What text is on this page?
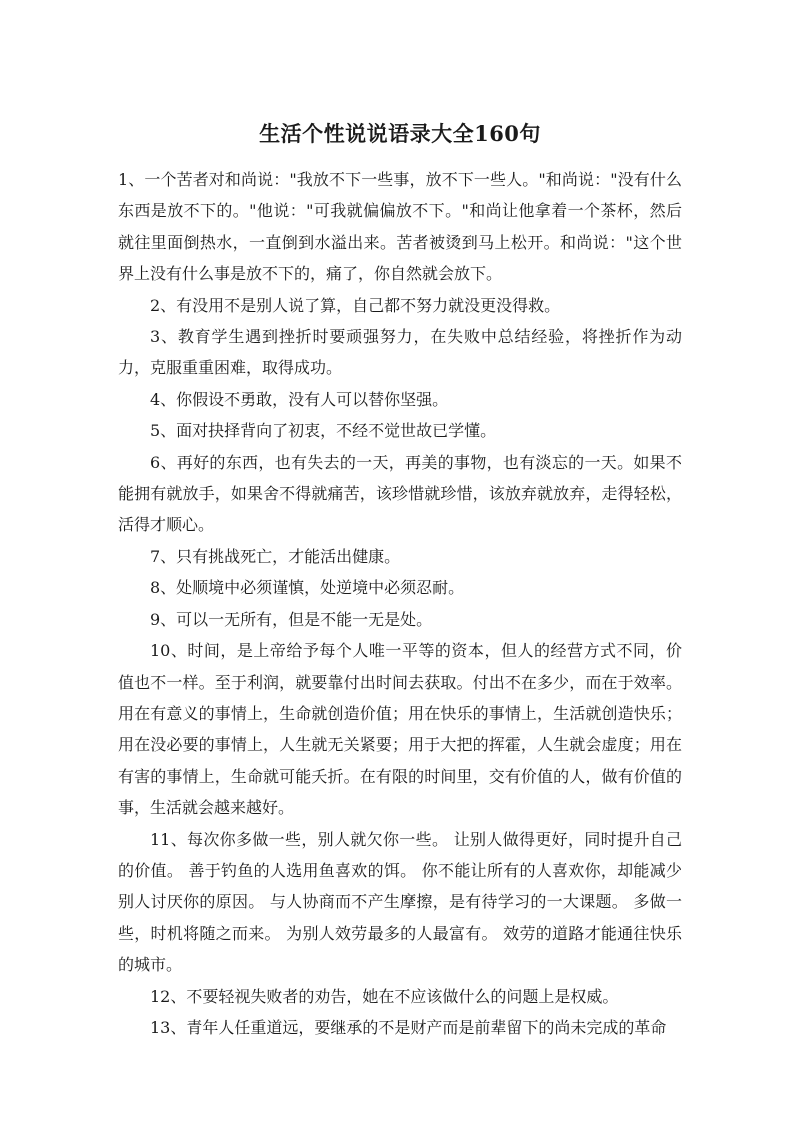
生活个性说说语录大全160句

1、一个苦者对和尚说："我放不下一些事，放不下一些人。"和尚说："没有什么东西是放不下的。"他说："可我就偏偏放不下。"和尚让他拿着一个茶杯，然后就往里面倒热水，一直倒到水溢出来。苦者被烫到马上松开。和尚说："这个世界上没有什么事是放不下的，痛了，你自然就会放下。

2、有没用不是别人说了算，自己都不努力就没更没得救。

3、教育学生遇到挫折时要顽强努力，在失败中总结经验，将挫折作为动力，克服重重困难，取得成功。

4、你假设不勇敢，没有人可以替你坚强。

5、面对抉择背向了初衷，不经不觉世故已学懂。

6、再好的东西，也有失去的一天，再美的事物，也有淡忘的一天。如果不能拥有就放手，如果舍不得就痛苦，该珍惜就珍惜，该放弃就放弃，走得轻松，活得才顺心。

7、只有挑战死亡，才能活出健康。

8、处顺境中必须谨慎，处逆境中必须忍耐。

9、可以一无所有，但是不能一无是处。

10、时间，是上帝给予每个人唯一平等的资本，但人的经营方式不同，价值也不一样。至于利润，就要靠付出时间去获取。付出不在多少，而在于效率。用在有意义的事情上，生命就创造价值；用在快乐的事情上，生活就创造快乐；用在没必要的事情上，人生就无关紧要；用于大把的挥霍，人生就会虚度；用在有害的事情上，生命就可能夭折。在有限的时间里，交有价值的人，做有价值的事，生活就会越来越好。

11、每次你多做一些，别人就欠你一些。 让别人做得更好，同时提升自己的价值。 善于钓鱼的人选用鱼喜欢的饵。 你不能让所有的人喜欢你，却能减少别人讨厌你的原因。 与人协商而不产生摩擦，是有待学习的一大课题。 多做一些，时机将随之而来。 为别人效劳最多的人最富有。 效劳的道路才能通往快乐的城市。

12、不要轻视失败者的劝告，她在不应该做什么的问题上是权威。

13、青年人任重道远，要继承的不是财产而是前辈留下的尚未完成的革命
